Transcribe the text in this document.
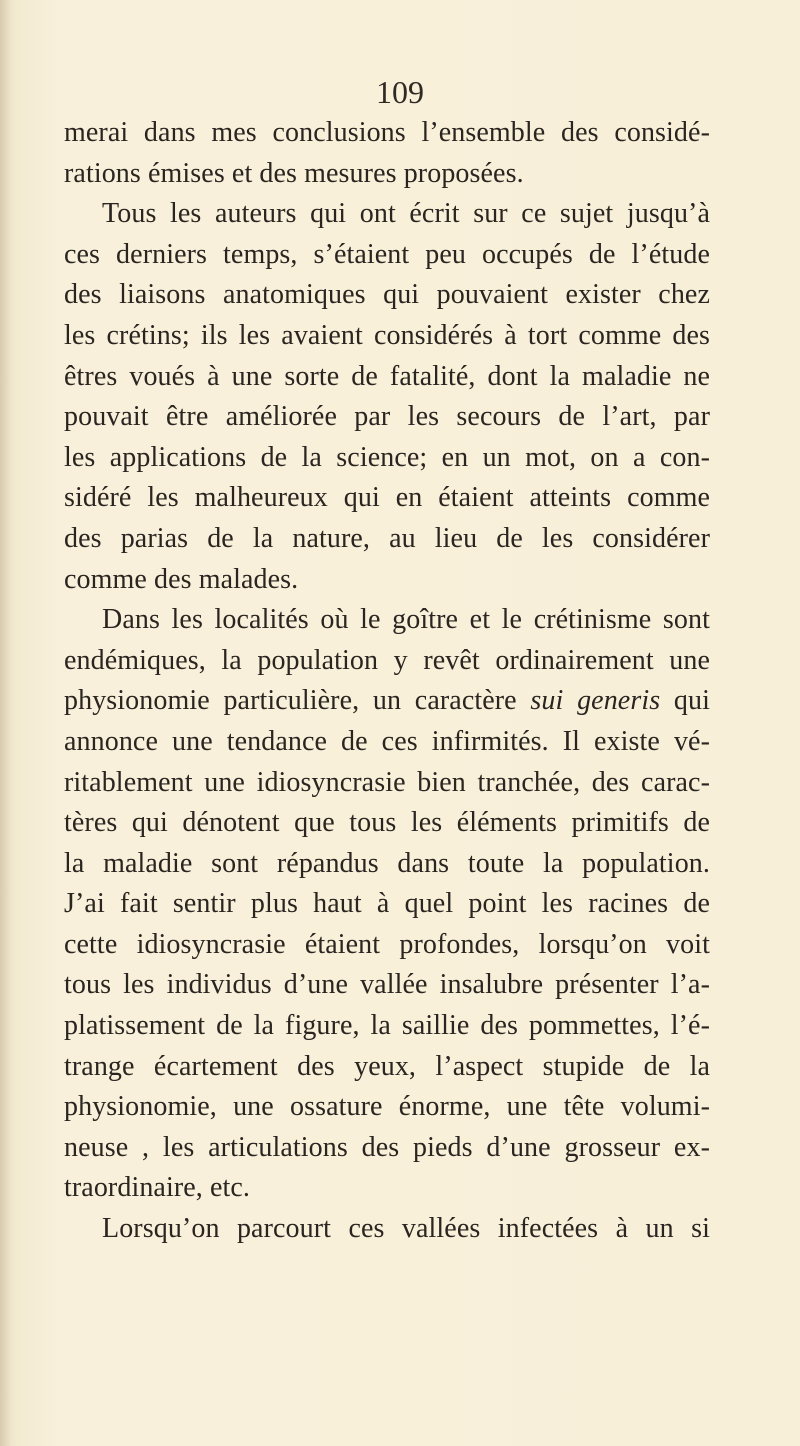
109
merai dans mes conclusions l’ensemble des considé-
rations émises et des mesures proposées.
Tous les auteurs qui ont écrit sur ce sujet jusqu’à
ces derniers temps, s’étaient peu occupés de l’étude
des liaisons anatomiques qui pouvaient exister chez
les crétins; ils les avaient considérés à tort comme des
êtres voués à une sorte de fatalité, dont la maladie ne
pouvait être améliorée par les secours de l’art, par
les applications de la science; en un mot, on a con-
sidéré les malheureux qui en étaient atteints comme
des parias de la nature, au lieu de les considérer
comme des malades.
Dans les localités où le goître et le crétinisme sont
endémiques, la population y revêt ordinairement une
physionomie particulière, un caractère sui generis qui
annonce une tendance de ces infirmités. Il existe vé-
ritablement une idiosyncrasie bien tranchée, des carac-
tères qui dénotent que tous les éléments primitifs de
la maladie sont répandus dans toute la population.
J’ai fait sentir plus haut à quel point les racines de
cette idiosyncrasie étaient profondes, lorsqu’on voit
tous les individus d’une vallée insalubre présenter l’a-
platissement de la figure, la saillie des pommettes, l’é-
trange écartement des yeux, l’aspect stupide de la
physionomie, une ossature énorme, une tête volumi-
neuse , les articulations des pieds d’une grosseur ex-
traordinaire, etc.
Lorsqu’on parcourt ces vallées infectées à un si
